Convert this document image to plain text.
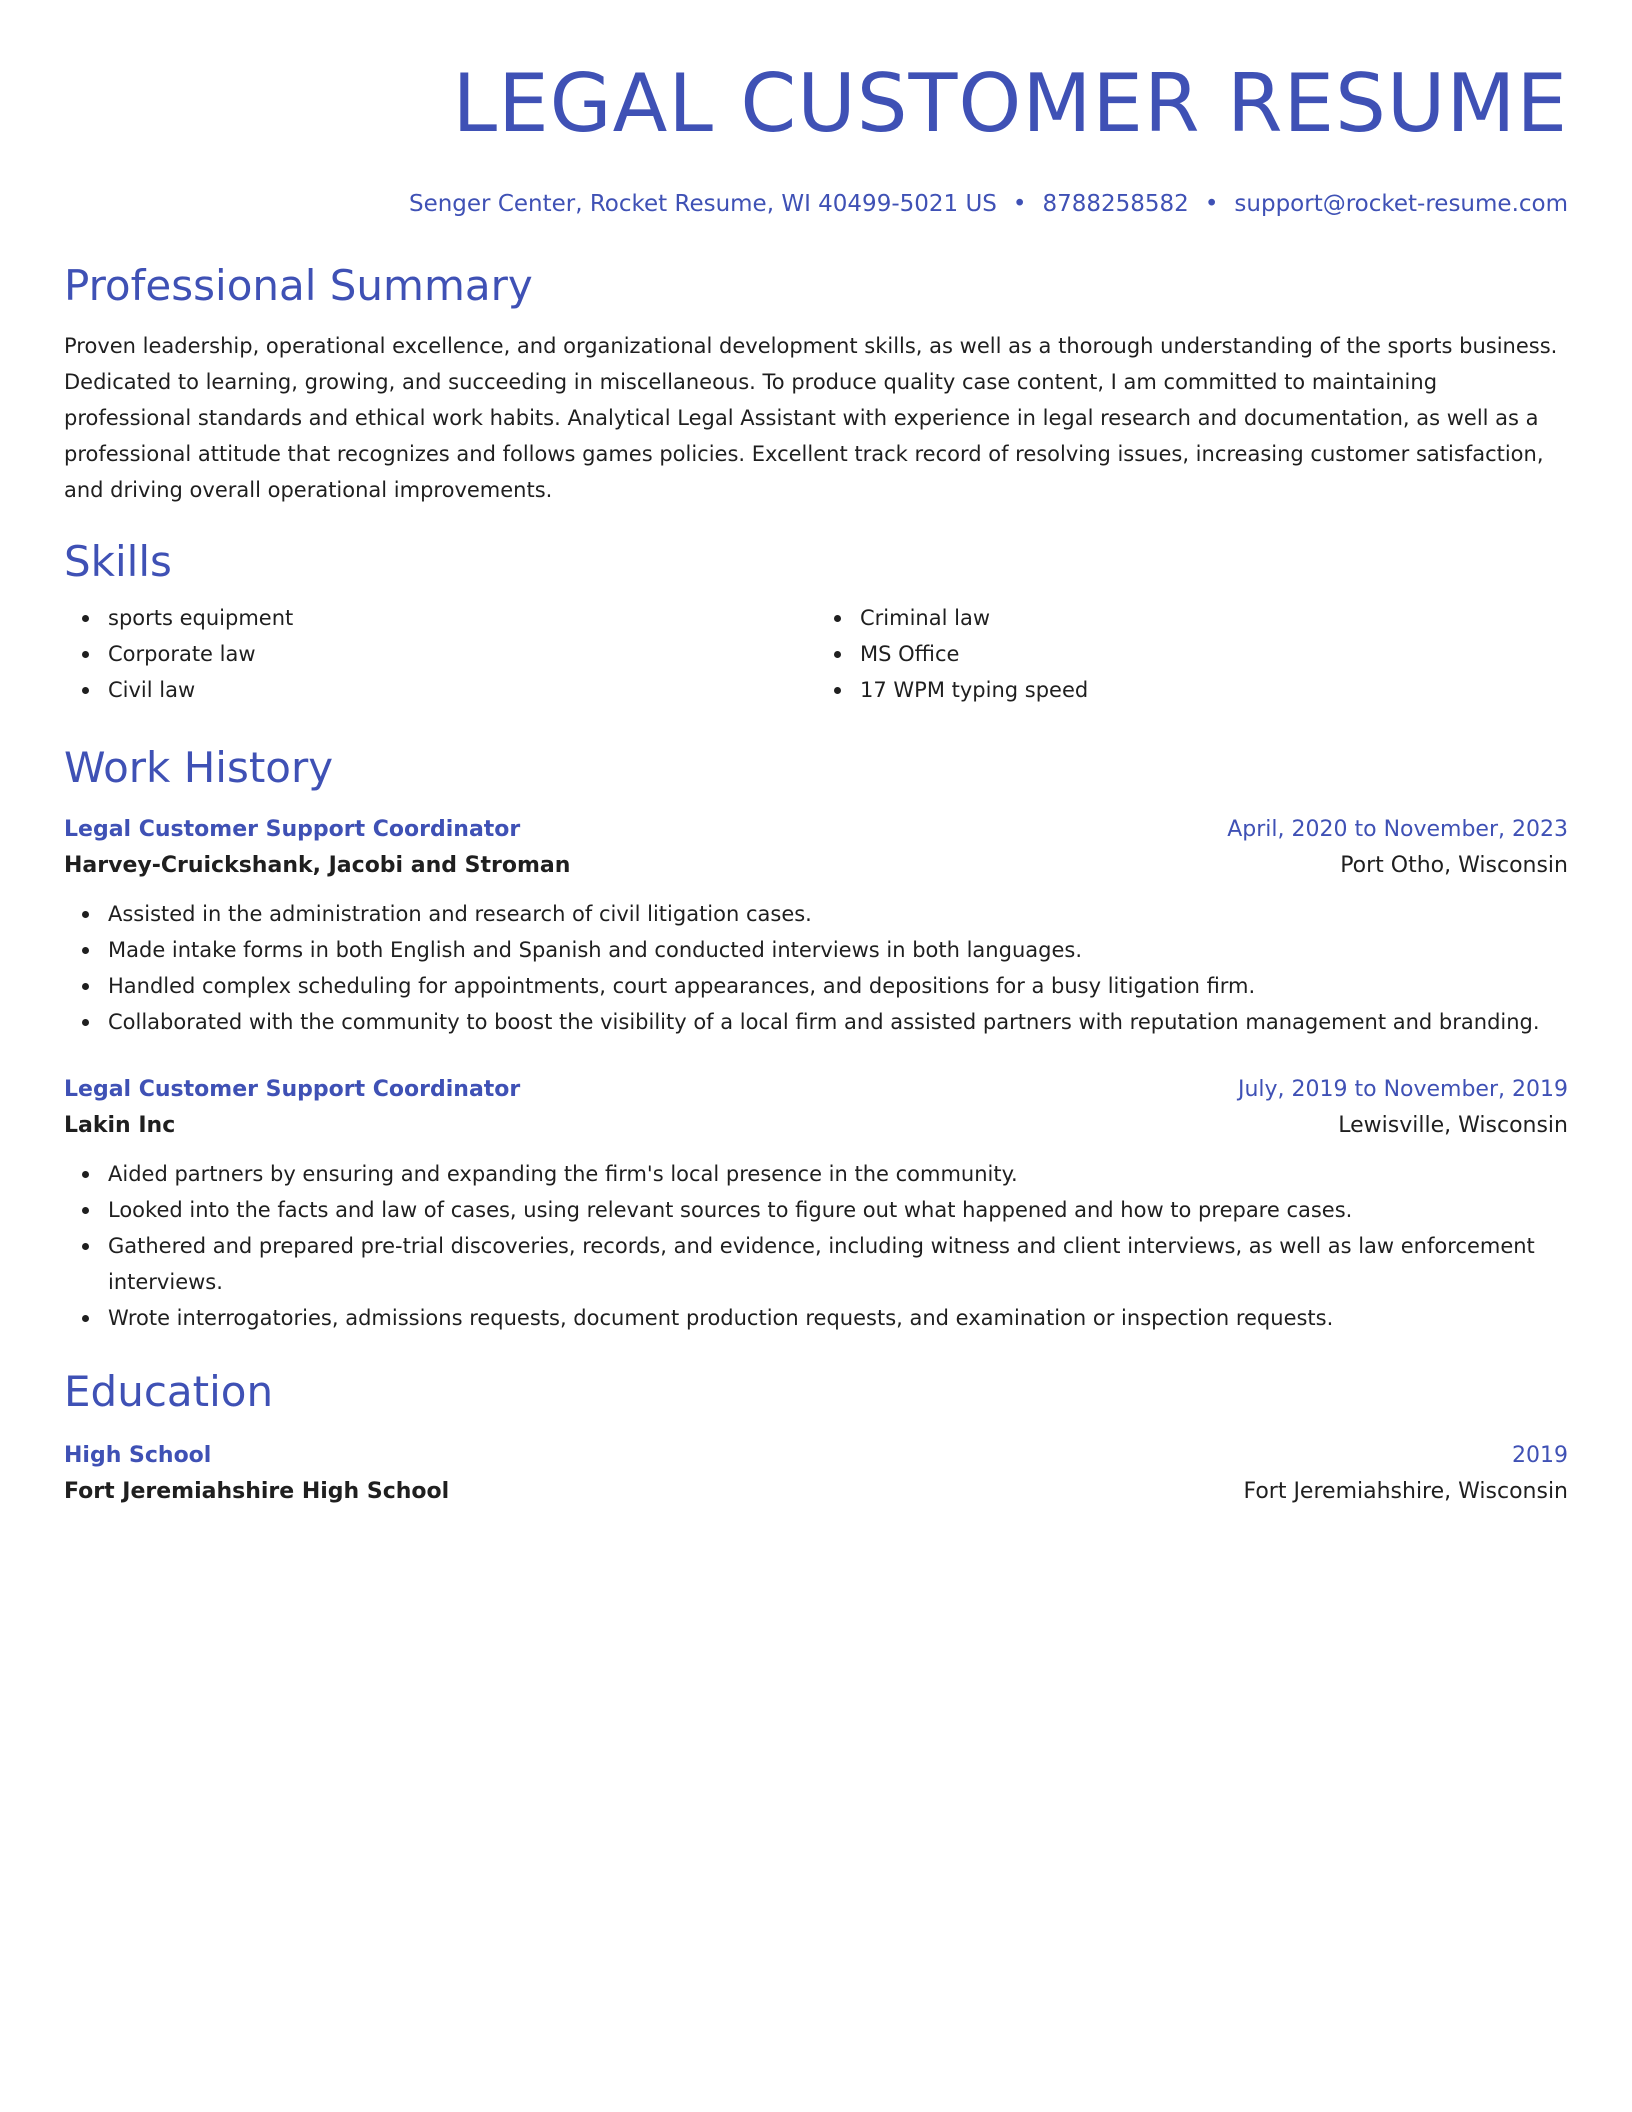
LEGAL CUSTOMER RESUME
Senger Center, Rocket Resume, WI 40499-5021 US • 8788258582 • support@rocket-resume.com
Professional Summary
Proven leadership, operational excellence, and organizational development skills, as well as a thorough understanding of the sports business. Dedicated to learning, growing, and succeeding in miscellaneous. To produce quality case content, I am committed to maintaining professional standards and ethical work habits. Analytical Legal Assistant with experience in legal research and documentation, as well as a professional attitude that recognizes and follows games policies. Excellent track record of resolving issues, increasing customer satisfaction, and driving overall operational improvements.
Skills
sports equipment
Corporate law
Civil law
Criminal law
MS Office
17 WPM typing speed
Work History
Legal Customer Support Coordinator	April, 2020 to November, 2023
Harvey-Cruickshank, Jacobi and Stroman	Port Otho, Wisconsin
Assisted in the administration and research of civil litigation cases.
Made intake forms in both English and Spanish and conducted interviews in both languages.
Handled complex scheduling for appointments, court appearances, and depositions for a busy litigation firm.
Collaborated with the community to boost the visibility of a local firm and assisted partners with reputation management and branding.
Legal Customer Support Coordinator	July, 2019 to November, 2019
Lakin Inc	Lewisville, Wisconsin
Aided partners by ensuring and expanding the firm's local presence in the community.
Looked into the facts and law of cases, using relevant sources to figure out what happened and how to prepare cases.
Gathered and prepared pre-trial discoveries, records, and evidence, including witness and client interviews, as well as law enforcement interviews.
Wrote interrogatories, admissions requests, document production requests, and examination or inspection requests.
Education
High School	2019
Fort Jeremiahshire High School	Fort Jeremiahshire, Wisconsin
